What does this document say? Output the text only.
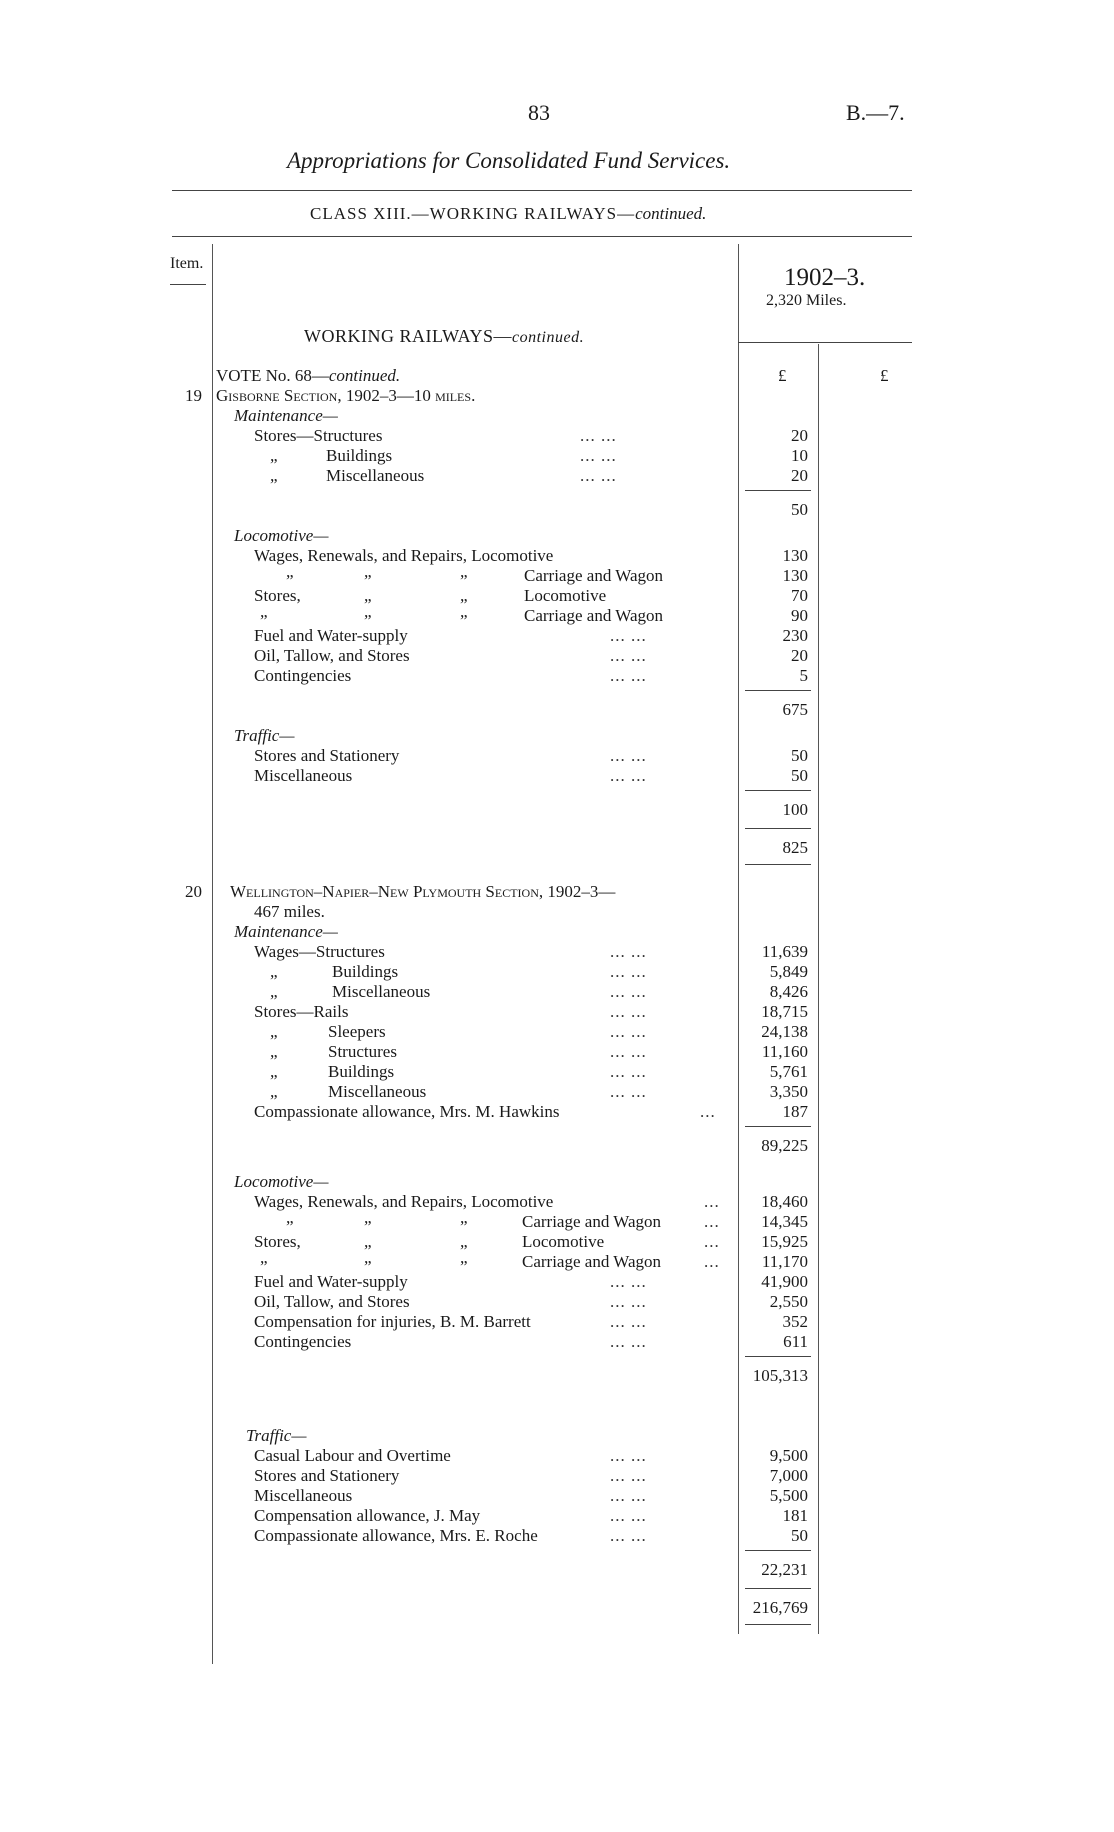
83	B.—7.
Appropriations for Consolidated Fund Services.
CLASS XIII.—WORKING RAILWAYS—continued.
Item.
1902–3.
2,320 Miles.
£	£
WORKING RAILWAYS—continued.
VOTE No. 68—continued.
19 Gisborne Section, 1902–3—10 miles.
Maintenance—
Stores—Structures	... ...	20
„	Buildings	... ...	10
„	Miscellaneous	... ...	20
50
Locomotive—
Wages, Renewals, and Repairs, Locomotive	130
„	„	„	Carriage and Wagon	130
Stores,	„	„	Locomotive	70
„	„	„	Carriage and Wagon	90
Fuel and Water-supply	... ...	230
Oil, Tallow, and Stores	... ...	20
Contingencies	... ...	5
675
Traffic—
Stores and Stationery	... ...	50
Miscellaneous	... ...	50
100
825
20 Wellington–Napier–New Plymouth Section, 1902–3—
467 miles.
Maintenance—
Wages—Structures	... ...	11,639
„	Buildings	... ...	5,849
„	Miscellaneous	... ...	8,426
Stores—Rails	... ...	18,715
„	Sleepers	... ...	24,138
„	Structures	... ...	11,160
„	Buildings	... ...	5,761
„	Miscellaneous	... ...	3,350
Compassionate allowance, Mrs. M. Hawkins	...	187
89,225
Locomotive—
Wages, Renewals, and Repairs, Locomotive	...	18,460
„	„	„	Carriage and Wagon	...	14,345
Stores,	„	„	Locomotive	...	15,925
„	„	„	Carriage and Wagon	...	11,170
Fuel and Water-supply	... ...	41,900
Oil, Tallow, and Stores	... ...	2,550
Compensation for injuries, B. M. Barrett	... ...	352
Contingencies	... ...	611
105,313
Traffic—
Casual Labour and Overtime	... ...	9,500
Stores and Stationery	... ...	7,000
Miscellaneous	... ...	5,500
Compensation allowance, J. May	... ...	181
Compassionate allowance, Mrs. E. Roche	... ...	50
22,231
216,769
